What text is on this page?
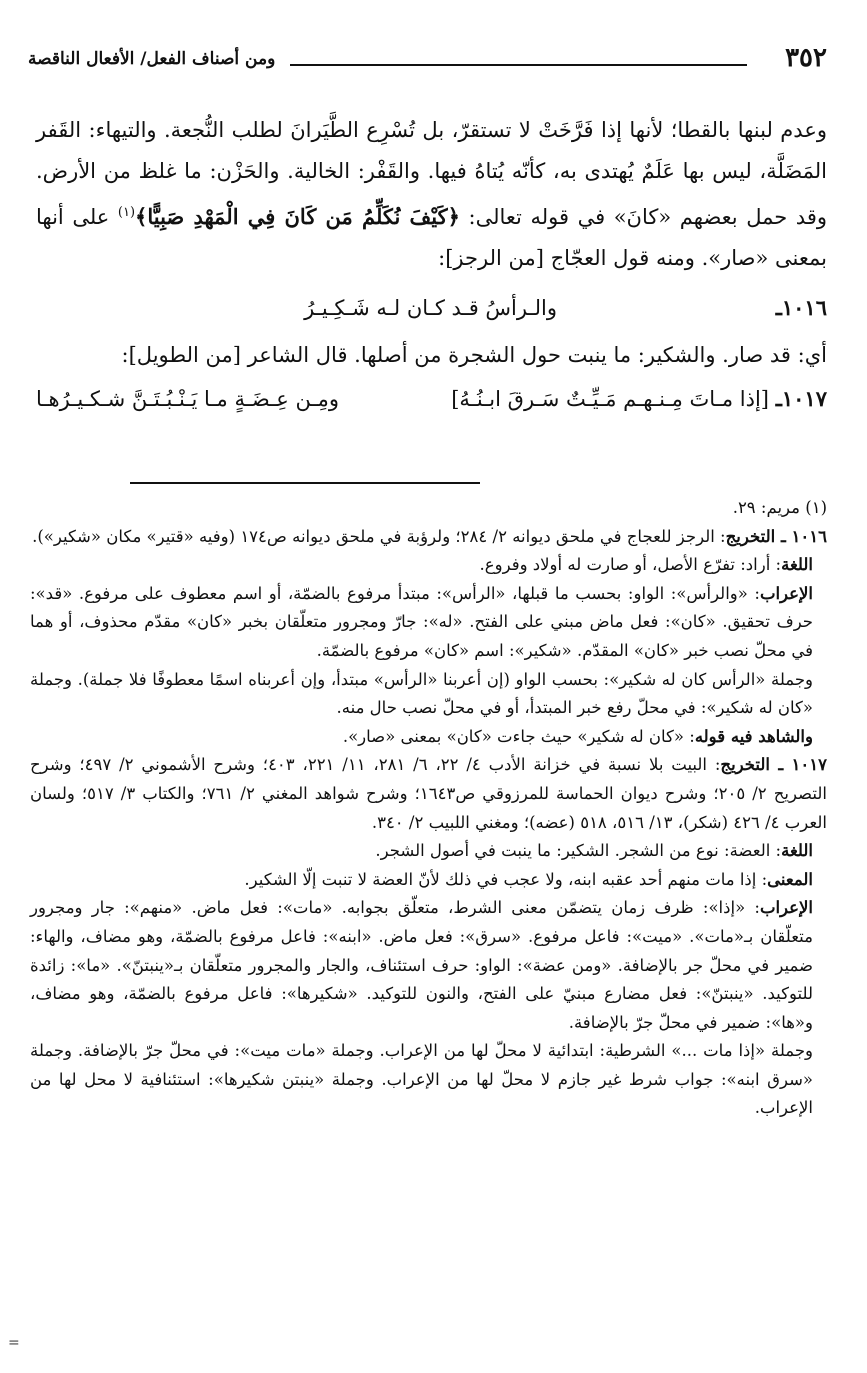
٣٥٢
ومن أصناف الفعل/ الأفعال الناقصة

وعدم لبنها بالقطا؛ لأنها إذا فَرَّخَتْ لا تستقرّ، بل تُسْرِع الطَّيَرانَ لطلب النُّجعة. والتيهاء: القَفر المَضَلَّة، ليس بها عَلَمٌ يُهتدى به، كأنّه يُتاهُ فيها. والقَفْر: الخالية. والحَزْن: ما غلظ من الأرض. وقد حمل بعضهم «كانَ» في قوله تعالى: ﴿كَيْفَ نُكَلِّمُ مَن كَانَ فِي الْمَهْدِ صَبِيًّا﴾$^{(١)}$ على أنها بمعنى «صار». ومنه قول العجّاج [من الرجز]:

١٠١٦ـ
والـرأسُ قـد كـان لـه شَـكِـيـرُ

أي: قد صار. والشكير: ما ينبت حول الشجرة من أصلها. قال الشاعر [من الطويل]:

١٠١٧ـ
[إذا مـاتَ مِـنـهـم مَـيِّـتٌ سَـرقَ ابـنُـهُ]
ومِـن عِـضَـةٍ مـا يَـنْـبُـتَـنَّ شـكـيـرُهـا

(١) مريم: ٢٩.

١٠١٦ ـ التخريج: الرجز للعجاج في ملحق ديوانه ٢/ ٢٨٤؛ ولرؤبة في ملحق ديوانه ص١٧٤ (وفيه «قتير» مكان «شكير»).

اللغة: أراد: تفرّع الأصل، أو صارت له أولاد وفروع.

الإعراب: «والرأس»: الواو: بحسب ما قبلها، «الرأس»: مبتدأ مرفوع بالضمّة، أو اسم معطوف على مرفوع. «قد»: حرف تحقيق. «كان»: فعل ماض مبني على الفتح. «له»: جارّ ومجرور متعلّقان بخبر «كان» مقدّم محذوف، أو هما في محلّ نصب خبر «كان» المقدّم. «شكير»: اسم «كان» مرفوع بالضمّة.

وجملة «الرأس كان له شكير»: بحسب الواو (إن أعربنا «الرأس» مبتدأ، وإن أعربناه اسمًا معطوفًا فلا جملة). وجملة «كان له شكير»: في محلّ رفع خبر المبتدأ، أو في محلّ نصب حال منه.

والشاهد فيه قوله: «كان له شكير» حيث جاءت «كان» بمعنى «صار».

١٠١٧ ـ التخريج: البيت بلا نسبة في خزانة الأدب ٤/ ٢٢، ٦/ ٢٨١، ١١/ ٢٢١، ٤٠٣؛ وشرح الأشموني ٢/ ٤٩٧؛ وشرح التصريح ٢/ ٢٠٥؛ وشرح ديوان الحماسة للمرزوقي ص١٦٤٣؛ وشرح شواهد المغني ٢/ ٧٦١؛ والكتاب ٣/ ٥١٧؛ ولسان العرب ٤/ ٤٢٦ (شكر)، ١٣/ ٥١٦، ٥١٨ (عضه)؛ ومغني اللبيب ٢/ ٣٤٠.

اللغة: العضة: نوع من الشجر. الشكير: ما ينبت في أصول الشجر.

المعنى: إذا مات منهم أحد عقبه ابنه، ولا عجب في ذلك لأنّ العضة لا تنبت إلّا الشكير.

الإعراب: «إذا»: ظرف زمان يتضمّن معنى الشرط، متعلّق بجوابه. «مات»: فعل ماض. «منهم»: جار ومجرور متعلّقان بـ«مات». «ميت»: فاعل مرفوع. «سرق»: فعل ماض. «ابنه»: فاعل مرفوع بالضمّة، وهو مضاف، والهاء: ضمير في محلّ جر بالإضافة. «ومن عضة»: الواو: حرف استئناف، والجار والمجرور متعلّقان بـ«ينبتنّ». «ما»: زائدة للتوكيد. «ينبتنّ»: فعل مضارع مبنيّ على الفتح، والنون للتوكيد. «شكيرها»: فاعل مرفوع بالضمّة، وهو مضاف، و«ها»: ضمير في محلّ جرّ بالإضافة.

وجملة «إذا مات ...» الشرطية: ابتدائية لا محلّ لها من الإعراب. وجملة «مات ميت»: في محلّ جرّ بالإضافة. وجملة «سرق ابنه»: جواب شرط غير جازم لا محلّ لها من الإعراب. وجملة «ينبتن شكيرها»: استئنافية لا محل لها من الإعراب.

=
